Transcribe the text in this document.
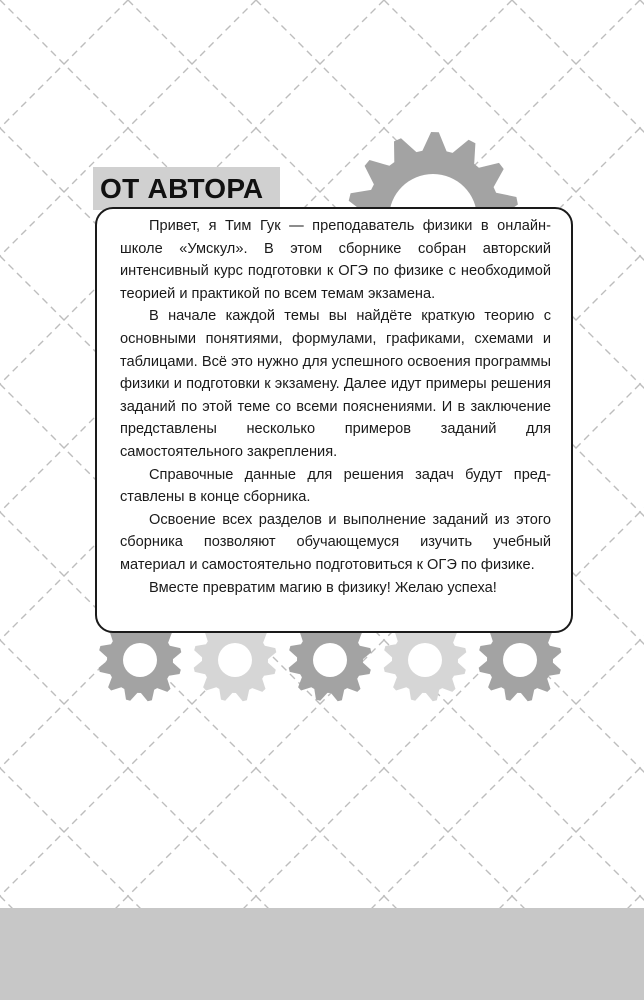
ОТ АВТОРА

Привет, я Тим Гук — преподаватель физики в онлайншколе «Умскул». В этом сборнике собран авторский интенсивный курс подготовки к ОГЭ по физике с необходимой теорией и практикой по всем темам экзамена.

В начале каждой темы вы найдёте краткую теорию с основными понятиями, формулами, графиками, схемами и таблицами. Всё это нужно для успешного освоения программы физики и подготовки к экзамену. Далее идут примеры решения заданий по этой теме со всеми пояснениями. И в заключение представлены несколько примеров заданий для самостоятельного закрепления.

Справочные данные для решения задач будут представлены в конце сборника.

Освоение всех разделов и выполнение заданий из этого сборника позволяют обучающемуся изучить учебный материал и самостоятельно подготовиться к ОГЭ по физике.

Вместе превратим магию в физику! Желаю успеха!
